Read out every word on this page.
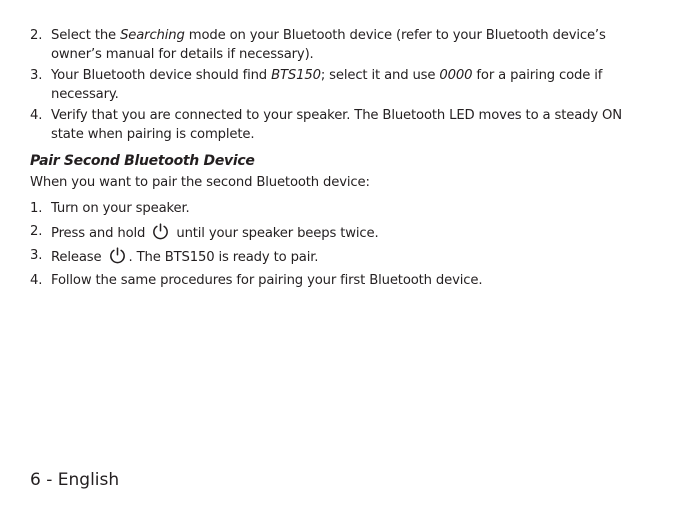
2. Select the Searching mode on your Bluetooth device (refer to your Bluetooth device’s owner’s manual for details if necessary).
3. Your Bluetooth device should find BTS150; select it and use 0000 for a pairing code if necessary.
4. Verify that you are connected to your speaker. The Bluetooth LED moves to a steady ON state when pairing is complete.
Pair Second Bluetooth Device

When you want to pair the second Bluetooth device:

1. Turn on your speaker.
2. Press and hold
until your speaker beeps twice.
3. Release
. The BTS150 is ready to pair.
4. Follow the same procedures for pairing your first Bluetooth device.

6 - English
